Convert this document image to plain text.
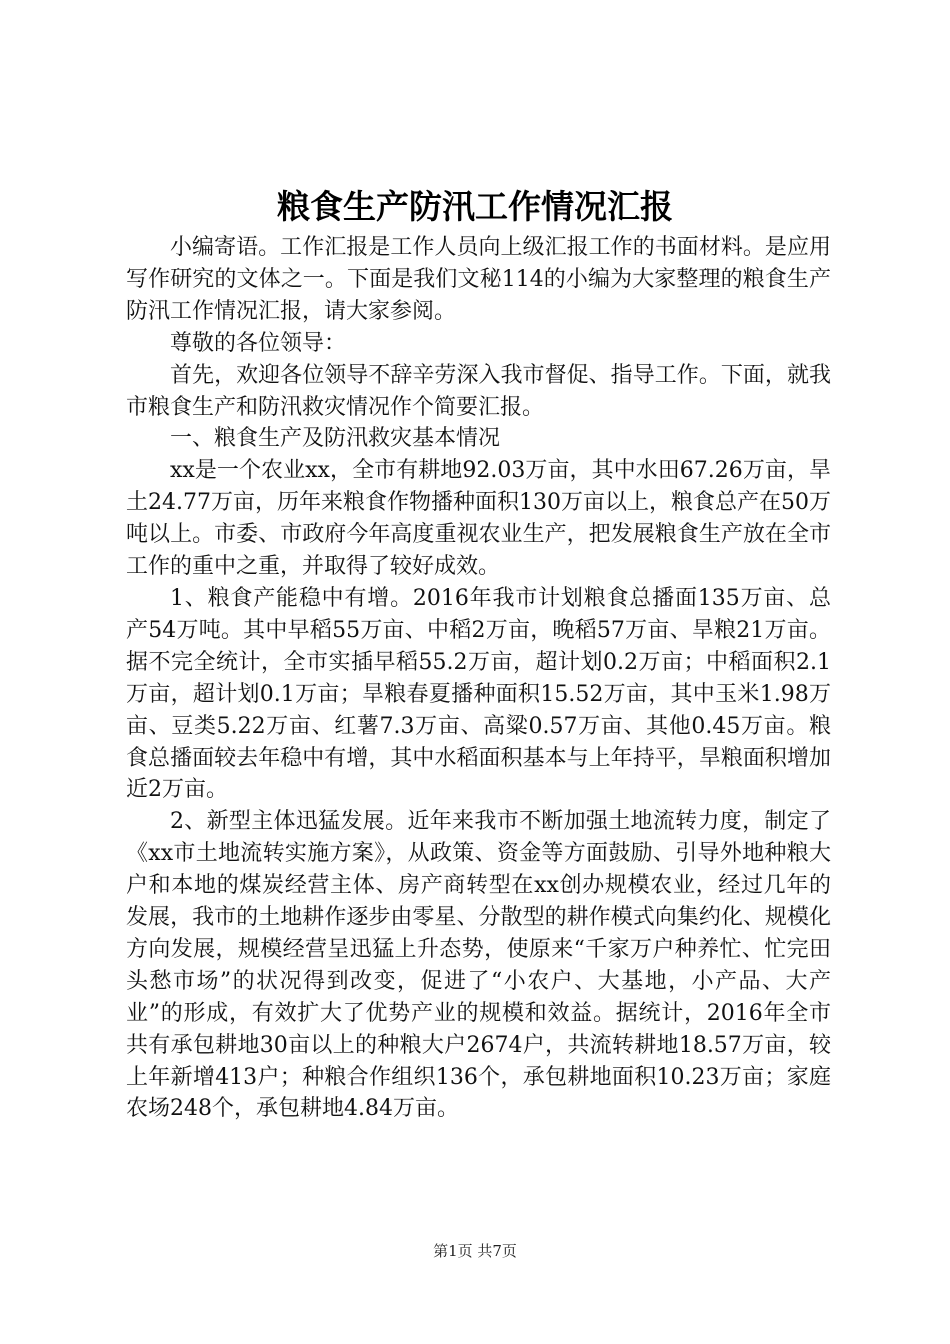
粮食生产防汛工作情况汇报

小编寄语。工作汇报是工作人员向上级汇报工作的书面材料。是应用写作研究的文体之一。下面是我们文秘114的小编为大家整理的粮食生产防汛工作情况汇报，请大家参阅。

尊敬的各位领导：

首先，欢迎各位领导不辞辛劳深入我市督促、指导工作。下面，就我市粮食生产和防汛救灾情况作个简要汇报。

一、粮食生产及防汛救灾基本情况

xx是一个农业xx，全市有耕地92.03万亩，其中水田67.26万亩，旱土24.77万亩，历年来粮食作物播种面积130万亩以上，粮食总产在50万吨以上。市委、市政府今年高度重视农业生产，把发展粮食生产放在全市工作的重中之重，并取得了较好成效。

1、粮食产能稳中有增。2016年我市计划粮食总播面135万亩、总产54万吨。其中早稻55万亩、中稻2万亩，晚稻57万亩、旱粮21万亩。据不完全统计，全市实插早稻55.2万亩，超计划0.2万亩；中稻面积2.1万亩，超计划0.1万亩；旱粮春夏播种面积15.52万亩，其中玉米1.98万亩、豆类5.22万亩、红薯7.3万亩、高粱0.57万亩、其他0.45万亩。粮食总播面较去年稳中有增，其中水稻面积基本与上年持平，旱粮面积增加近2万亩。

2、新型主体迅猛发展。近年来我市不断加强土地流转力度，制定了《xx市土地流转实施方案》，从政策、资金等方面鼓励、引导外地种粮大户和本地的煤炭经营主体、房产商转型在xx创办规模农业，经过几年的发展，我市的土地耕作逐步由零星、分散型的耕作模式向集约化、规模化方向发展，规模经营呈迅猛上升态势，使原来“千家万户种养忙、忙完田头愁市场”的状况得到改变，促进了“小农户、大基地，小产品、大产业”的形成，有效扩大了优势产业的规模和效益。据统计，2016年全市共有承包耕地30亩以上的种粮大户2674户，共流转耕地18.57万亩，较上年新增413户；种粮合作组织136个，承包耕地面积10.23万亩；家庭农场248个，承包耕地4.84万亩。

第1页 共7页
